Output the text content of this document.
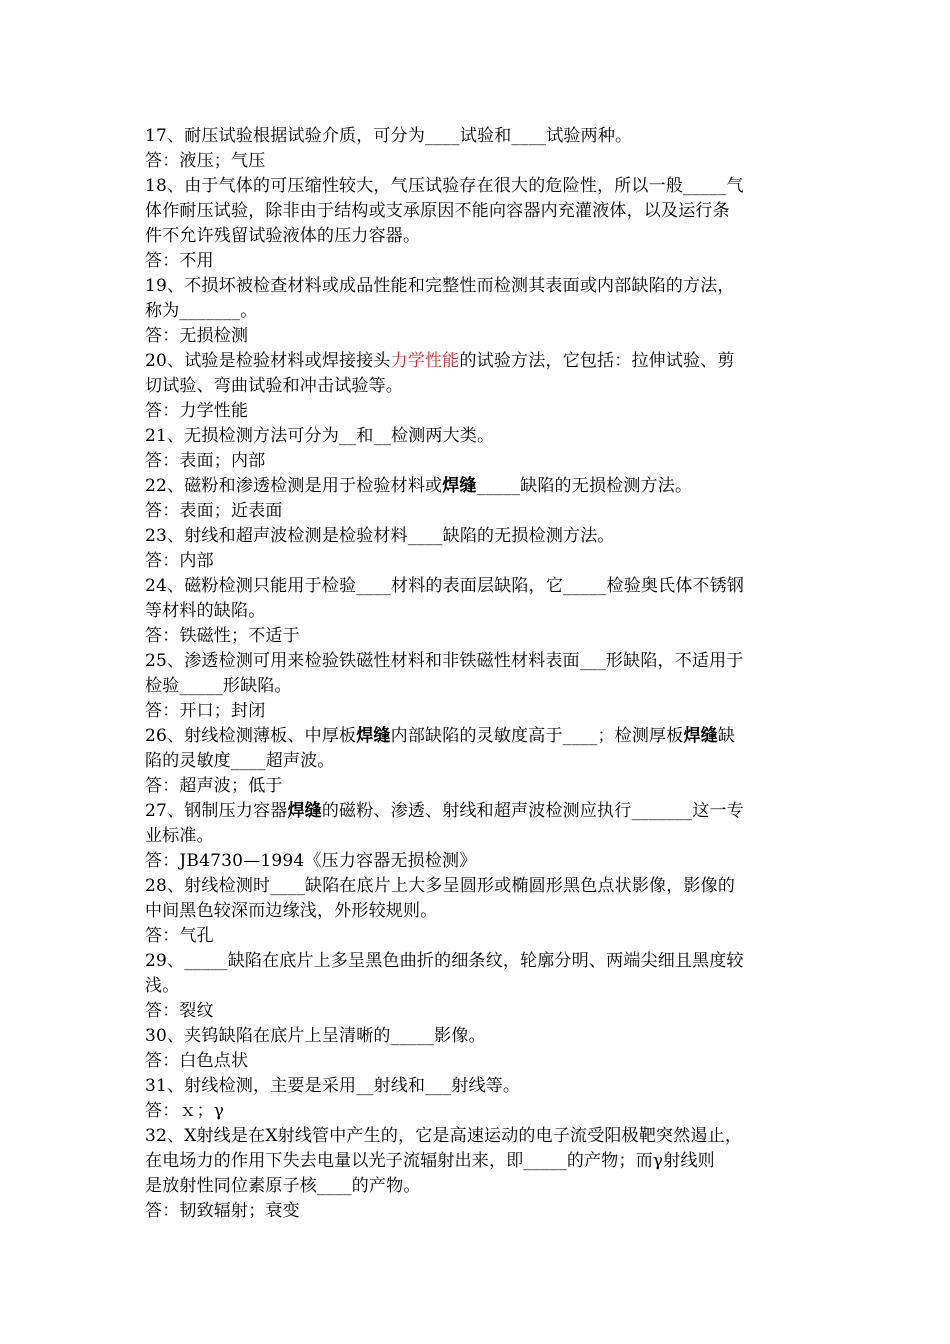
17、耐压试验根据试验介质，可分为____试验和____试验两种。
答：液压；气压
18、由于气体的可压缩性较大，气压试验存在很大的危险性，所以一般_____气
体作耐压试验，除非由于结构或支承原因不能向容器内充灌液体，以及运行条
件不允许残留试验液体的压力容器。
答：不用
19、不损坏被检查材料或成品性能和完整性而检测其表面或内部缺陷的方法，
称为_______。
答：无损检测
20、试验是检验材料或焊接接头力学性能的试验方法，它包括：拉伸试验、剪
切试验、弯曲试验和冲击试验等。
答：力学性能
21、无损检测方法可分为__和__检测两大类。
答：表面；内部
22、磁粉和渗透检测是用于检验材料或焊缝_____缺陷的无损检测方法。
答：表面；近表面
23、射线和超声波检测是检验材料____缺陷的无损检测方法。
答：内部
24、磁粉检测只能用于检验____材料的表面层缺陷，它_____检验奥氏体不锈钢
等材料的缺陷。
答：铁磁性；不适于
25、渗透检测可用来检验铁磁性材料和非铁磁性材料表面___形缺陷，不适用于
检验_____形缺陷。
答：开口；封闭
26、射线检测薄板、中厚板焊缝内部缺陷的灵敏度高于____；检测厚板焊缝缺
陷的灵敏度____超声波。
答：超声波；低于
27、钢制压力容器焊缝的磁粉、渗透、射线和超声波检测应执行_______这一专
业标准。
答：JB4730—1994《压力容器无损检测》
28、射线检测时____缺陷在底片上大多呈圆形或椭圆形黑色点状影像，影像的
中间黑色较深而边缘浅，外形较规则。
答：气孔
29、_____缺陷在底片上多呈黑色曲折的细条纹，轮廓分明、两端尖细且黑度较
浅。
答：裂纹
30、夹钨缺陷在底片上呈清晰的_____影像。
答：白色点状
31、射线检测，主要是采用__射线和___射线等。
答：ｘ；γ
32、X射线是在X射线管中产生的，它是高速运动的电子流受阳极靶突然遏止，
在电场力的作用下失去电量以光子流辐射出来，即_____的产物；而γ射线则
是放射性同位素原子核____的产物。
答：韧致辐射；衰变
